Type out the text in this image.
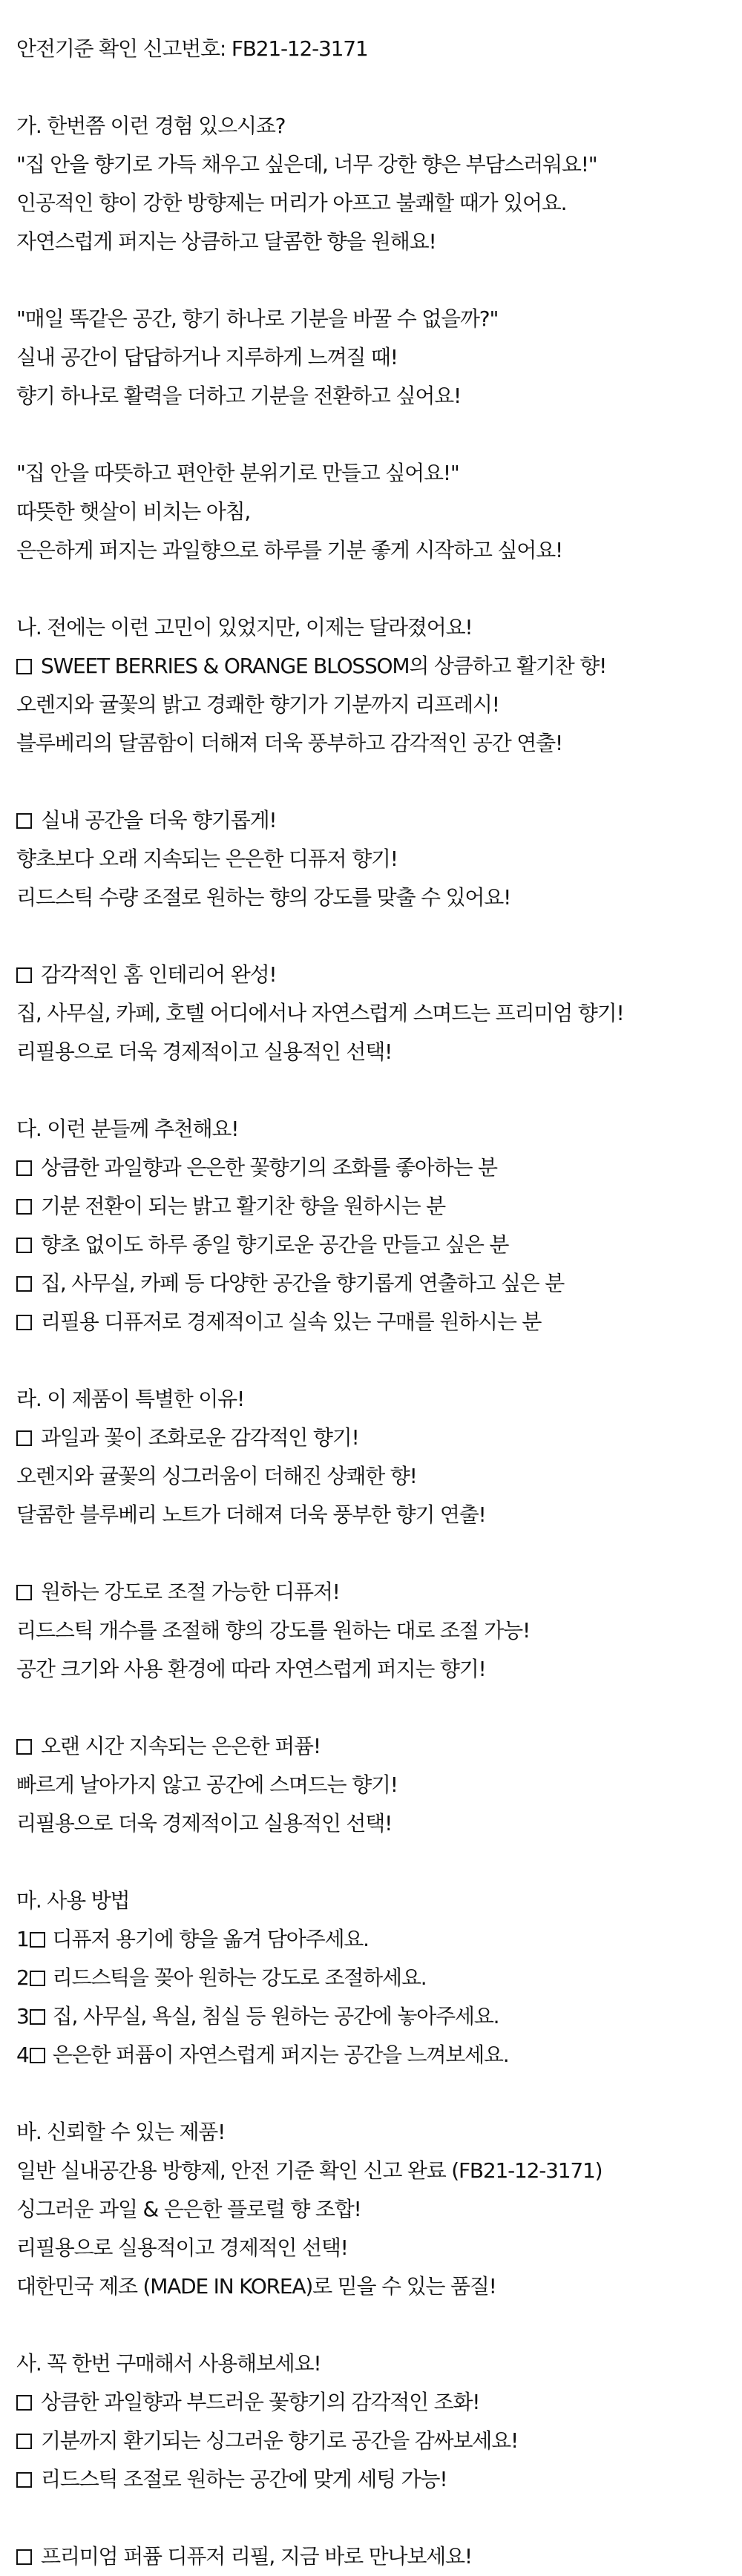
안전기준 확인 신고번호: FB21-12-3171
가. 한번쯤 이런 경험 있으시죠?
"집 안을 향기로 가득 채우고 싶은데, 너무 강한 향은 부담스러워요!"
인공적인 향이 강한 방향제는 머리가 아프고 불쾌할 때가 있어요.
자연스럽게 퍼지는 상큼하고 달콤한 향을 원해요!
"매일 똑같은 공간, 향기 하나로 기분을 바꿀 수 없을까?"
실내 공간이 답답하거나 지루하게 느껴질 때!
향기 하나로 활력을 더하고 기분을 전환하고 싶어요!
"집 안을 따뜻하고 편안한 분위기로 만들고 싶어요!"
따뜻한 햇살이 비치는 아침,
은은하게 퍼지는 과일향으로 하루를 기분 좋게 시작하고 싶어요!
나. 전에는 이런 고민이 있었지만, 이제는 달라졌어요!
SWEET BERRIES & ORANGE BLOSSOM의 상큼하고 활기찬 향!
오렌지와 귤꽃의 밝고 경쾌한 향기가 기분까지 리프레시!
블루베리의 달콤함이 더해져 더욱 풍부하고 감각적인 공간 연출!
실내 공간을 더욱 향기롭게!
향초보다 오래 지속되는 은은한 디퓨저 향기!
리드스틱 수량 조절로 원하는 향의 강도를 맞출 수 있어요!
감각적인 홈 인테리어 완성!
집, 사무실, 카페, 호텔 어디에서나 자연스럽게 스며드는 프리미엄 향기!
리필용으로 더욱 경제적이고 실용적인 선택!
다. 이런 분들께 추천해요!
상큼한 과일향과 은은한 꽃향기의 조화를 좋아하는 분
기분 전환이 되는 밝고 활기찬 향을 원하시는 분
향초 없이도 하루 종일 향기로운 공간을 만들고 싶은 분
집, 사무실, 카페 등 다양한 공간을 향기롭게 연출하고 싶은 분
리필용 디퓨저로 경제적이고 실속 있는 구매를 원하시는 분
라. 이 제품이 특별한 이유!
과일과 꽃이 조화로운 감각적인 향기!
오렌지와 귤꽃의 싱그러움이 더해진 상쾌한 향!
달콤한 블루베리 노트가 더해져 더욱 풍부한 향기 연출!
원하는 강도로 조절 가능한 디퓨저!
리드스틱 개수를 조절해 향의 강도를 원하는 대로 조절 가능!
공간 크기와 사용 환경에 따라 자연스럽게 퍼지는 향기!
오랜 시간 지속되는 은은한 퍼퓸!
빠르게 날아가지 않고 공간에 스며드는 향기!
리필용으로 더욱 경제적이고 실용적인 선택!
마. 사용 방법
1 디퓨저 용기에 향을 옮겨 담아주세요.
2 리드스틱을 꽂아 원하는 강도로 조절하세요.
3 집, 사무실, 욕실, 침실 등 원하는 공간에 놓아주세요.
4 은은한 퍼퓸이 자연스럽게 퍼지는 공간을 느껴보세요.
바. 신뢰할 수 있는 제품!
일반 실내공간용 방향제, 안전 기준 확인 신고 완료 (FB21-12-3171)
싱그러운 과일 & 은은한 플로럴 향 조합!
리필용으로 실용적이고 경제적인 선택!
대한민국 제조 (MADE IN KOREA)로 믿을 수 있는 품질!
사. 꼭 한번 구매해서 사용해보세요!
상큼한 과일향과 부드러운 꽃향기의 감각적인 조화!
기분까지 환기되는 싱그러운 향기로 공간을 감싸보세요!
리드스틱 조절로 원하는 공간에 맞게 세팅 가능!
프리미엄 퍼퓸 디퓨저 리필, 지금 바로 만나보세요!
